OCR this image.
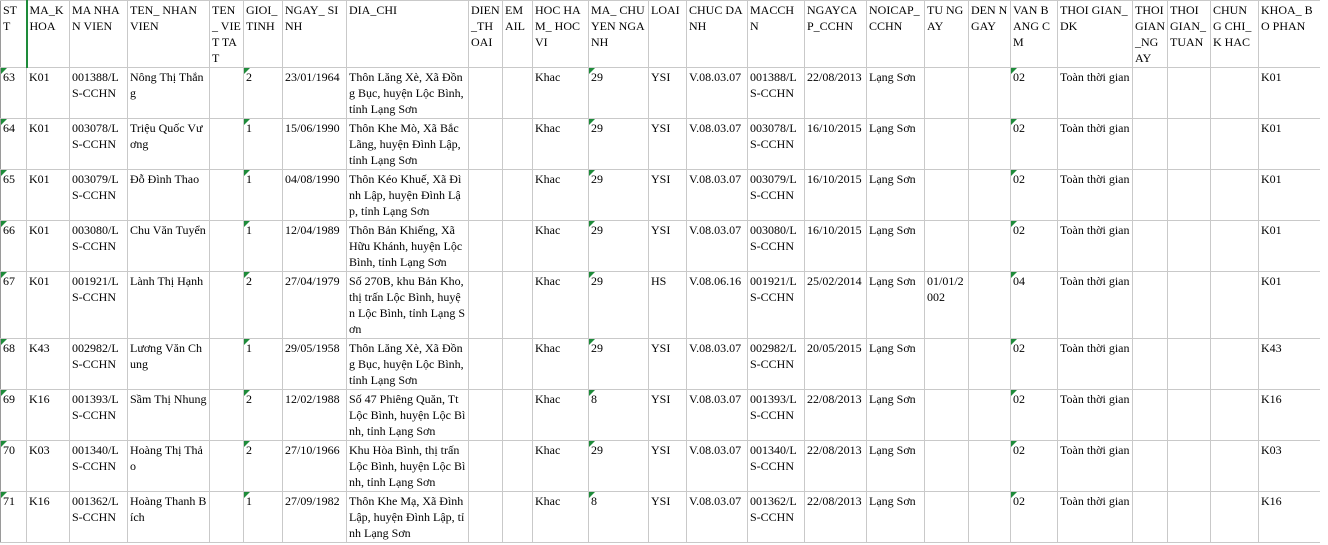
STT	MA_K HOA	MA NHAN VIEN	TEN_ NHAN VIEN	TEN_ VIET TAT	GIOI_ TINH	NGAY_ SINH	DIA_CHI	DIEN _TH OAI	EM AIL	HOC HAM_ HOC VI	MA_ CHUYEN NGANH	LOAI	CHUC DANH	MACCH N	NGAYCA P_CCHN	NOICAP_ CCHN	TU NGAY	DEN NGAY	VAN BANG CM	THOI GIAN_DK	THOI GIAN _NG AY	THOI GIAN_ TUAN	CHUN G CHI_K HAC	KHOA_ BO PHAN
63	K01	001388/LS-CCHN	Nông Thị Thắng		2	23/01/1964	Thôn Lăng Xè, Xã Đồng Bục, huyện Lộc Bình, tỉnh Lạng Sơn			Khac	29	YSI	V.08.03.07	001388/LS-CCHN	22/08/2013	Lạng Sơn			02	Toàn thời gian				K01
64	K01	003078/LS-CCHN	Triệu Quốc Vương		1	15/06/1990	Thôn Khe Mò, Xã Bắc Lãng, huyện Đình Lập, tỉnh Lạng Sơn			Khac	29	YSI	V.08.03.07	003078/LS-CCHN	16/10/2015	Lạng Sơn			02	Toàn thời gian				K01
65	K01	003079/LS-CCHN	Đỗ Đình Thao		1	04/08/1990	Thôn Kéo Khuế, Xã Đình Lập, huyện Đình Lập, tỉnh Lạng Sơn			Khac	29	YSI	V.08.03.07	003079/LS-CCHN	16/10/2015	Lạng Sơn			02	Toàn thời gian				K01
66	K01	003080/LS-CCHN	Chu Văn Tuyển		1	12/04/1989	Thôn Bản Khiếng, Xã Hữu Khánh, huyện Lộc Bình, tỉnh Lạng Sơn			Khac	29	YSI	V.08.03.07	003080/LS-CCHN	16/10/2015	Lạng Sơn			02	Toàn thời gian				K01
67	K01	001921/LS-CCHN	Lành Thị Hạnh		2	27/04/1979	Số 270B, khu Bản Kho, thị trấn Lộc Bình, huyện Lộc Bình, tỉnh Lạng Sơn			Khac	29	HS	V.08.06.16	001921/LS-CCHN	25/02/2014	Lạng Sơn	01/01/2002		04	Toàn thời gian				K01
68	K43	002982/LS-CCHN	Lương Văn Chung		1	29/05/1958	Thôn Lăng Xè, Xã Đồng Bục, huyện Lộc Bình, tỉnh Lạng Sơn			Khac	29	YSI	V.08.03.07	002982/LS-CCHN	20/05/2015	Lạng Sơn			02	Toàn thời gian				K43
69	K16	001393/LS-CCHN	Sầm Thị Nhung		2	12/02/1988	Số 47 Phiêng Quăn, Tt Lộc Bình, huyện Lộc Bình, tỉnh Lạng Sơn			Khac	8	YSI	V.08.03.07	001393/LS-CCHN	22/08/2013	Lạng Sơn			02	Toàn thời gian				K16
70	K03	001340/LS-CCHN	Hoàng Thị Thảo		2	27/10/1966	Khu Hòa Bình, thị trấn Lộc Bình, huyện Lộc Bình, tỉnh Lạng Sơn			Khac	29	YSI	V.08.03.07	001340/LS-CCHN	22/08/2013	Lạng Sơn			02	Toàn thời gian				K03
71	K16	001362/LS-CCHN	Hoàng Thanh Bích		1	27/09/1982	Thôn Khe Mạ, Xã Đình Lập, huyện Đình Lập, tỉnh Lạng Sơn			Khac	8	YSI	V.08.03.07	001362/LS-CCHN	22/08/2013	Lạng Sơn			02	Toàn thời gian				K16
